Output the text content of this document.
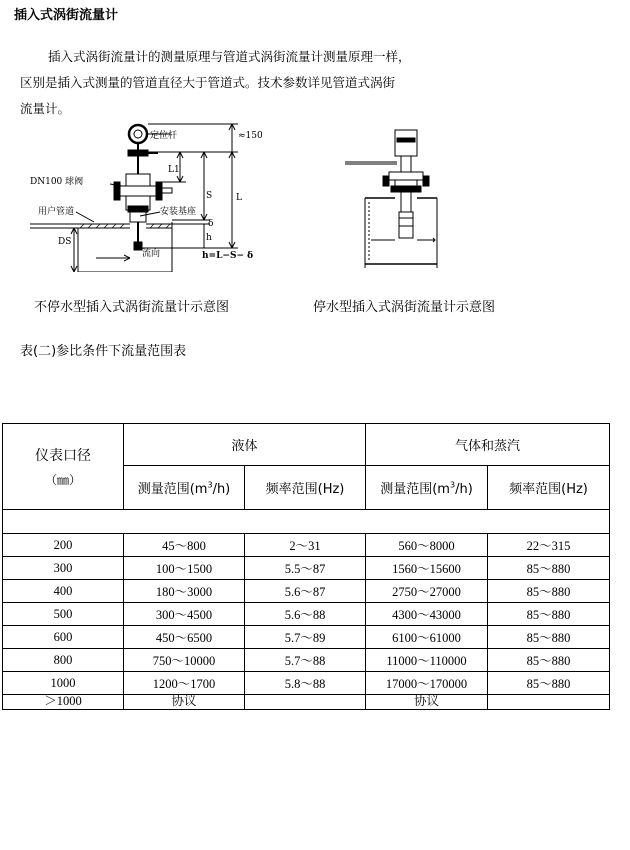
插入式涡街流量计
插入式涡街流量计的测量原理与管道式涡街流量计测量原理一样，
区别是插入式测量的管道直径大于管道式。技术参数详见管道式涡街
流量计。
定位杆	≈150
L1
DN100 球阀
S	L
安装基座
用户管道
δ
DS	h
流向	h=L−S− δ
不停水型插入式涡街流量计示意图	停水型插入式涡街流量计示意图
表(二)参比条件下流量范围表
仪表口径
（㎜）	液体		气体和蒸汽	
	测量范围$(m^3/h)$	频率范围(Hz)	测量范围$(m^3/h)$	频率范围(Hz)

200	45～800	2～31	560～8000	22～315
300	100～1500	5.5～87	1560～15600	85～880
400	180～3000	5.6～87	2750～27000	85～880
500	300～4500	5.6～88	4300～43000	85～880
600	450～6500	5.7～89	6100～61000	85～880
800	750～10000	5.7～88	11000～110000	85～880
1000	1200～1700	5.8～88	17000～170000	85～880
＞1000	协议		协议	
